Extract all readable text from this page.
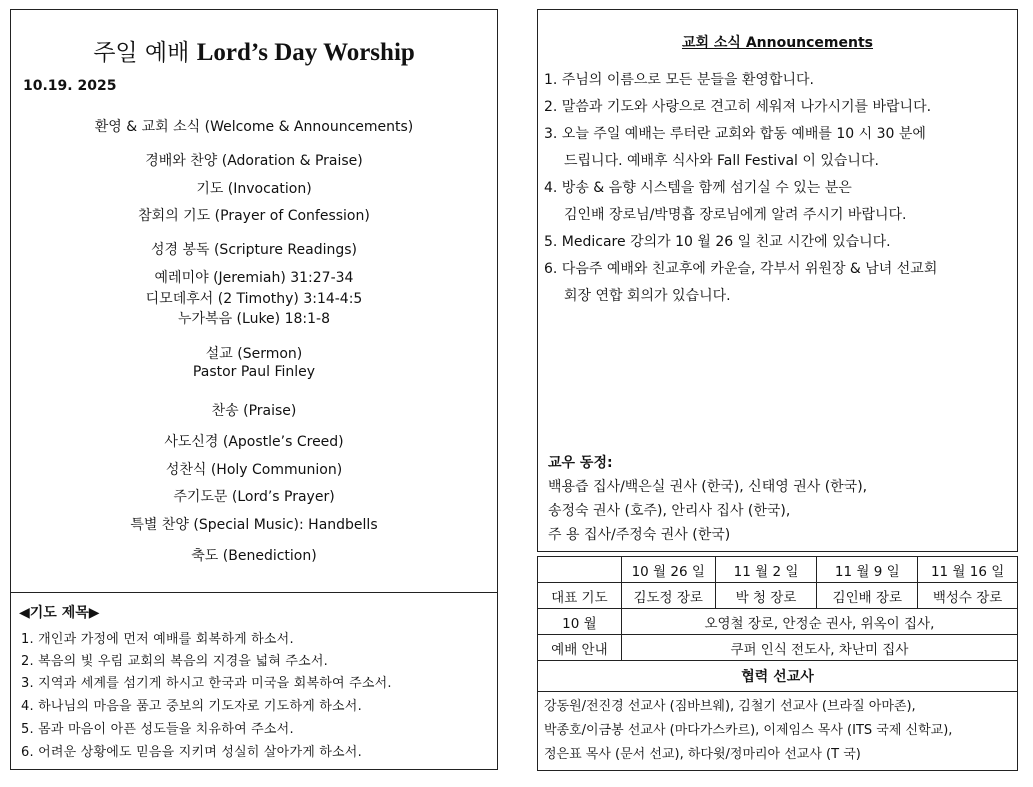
주일 예배 Lord’s Day Worship
10.19. 2025
환영 & 교회 소식 (Welcome & Announcements)
경배와 찬양 (Adoration & Praise)
기도 (Invocation)
참회의 기도 (Prayer of Confession)
성경 봉독 (Scripture Readings)
예레미야 (Jeremiah) 31:27-34
디모데후서 (2 Timothy) 3:14-4:5
누가복음 (Luke) 18:1-8
설교 (Sermon)
Pastor Paul Finley
찬송 (Praise)
사도신경 (Apostle’s Creed)
성찬식 (Holy Communion)
주기도문 (Lord’s Prayer)
특별 찬양 (Special Music): Handbells
축도 (Benediction)
◀기도 제목▶
1. 개인과 가정에 먼저 예배를 회복하게 하소서.
2. 복음의 빛 우림 교회의 복음의 지경을 넓혀 주소서.
3. 지역과 세계를 섬기게 하시고 한국과 미국을 회복하여 주소서.
4. 하나님의 마음을 품고 중보의 기도자로 기도하게 하소서.
5. 몸과 마음이 아픈 성도들을 치유하여 주소서.
6. 어려운 상황에도 믿음을 지키며 성실히 살아가게 하소서.
교회 소식 Announcements
1. 주님의 이름으로 모든 분들을 환영합니다.
2. 말씀과 기도와 사랑으로 견고히 세워져 나가시기를 바랍니다.
3. 오늘 주일 예배는 루터란 교회와 합동 예배를 10 시 30 분에
드립니다. 예배후 식사와 Fall Festival 이 있습니다.
4. 방송 & 음향 시스템을 함께 섬기실 수 있는 분은
김인배 장로님/박명흡 장로님에게 알려 주시기 바랍니다.
5. Medicare 강의가 10 월 26 일 친교 시간에 있습니다.
6. 다음주 예배와 친교후에 카운슬, 각부서 위원장 & 남녀 선교회
회장 연합 회의가 있습니다.
교우 동정:
백용즙 집사/백은실 권사 (한국), 신태영 권사 (한국),
송정숙 권사 (호주), 안리사 집사 (한국),
주 용 집사/주정숙 권사 (한국)
	10 월 26 일	11 월 2 일	11 월 9 일	11 월 16 일
대표 기도	김도정 장로	박 청 장로	김인배 장로	백성수 장로
10 월	오영철 장로, 안정순 권사, 위옥이 집사,			
예배 안내	쿠퍼 인식 전도사, 차난미 집사			
협력 선교사				

강동원/전진경 선교사 (짐바브웨), 김철기 선교사 (브라질 아마존),
박종호/이금봉 선교사 (마다가스카르), 이제임스 목사 (ITS 국제 신학교),
정은표 목사 (문서 선교), 하다윗/정마리아 선교사 (T 국)				
